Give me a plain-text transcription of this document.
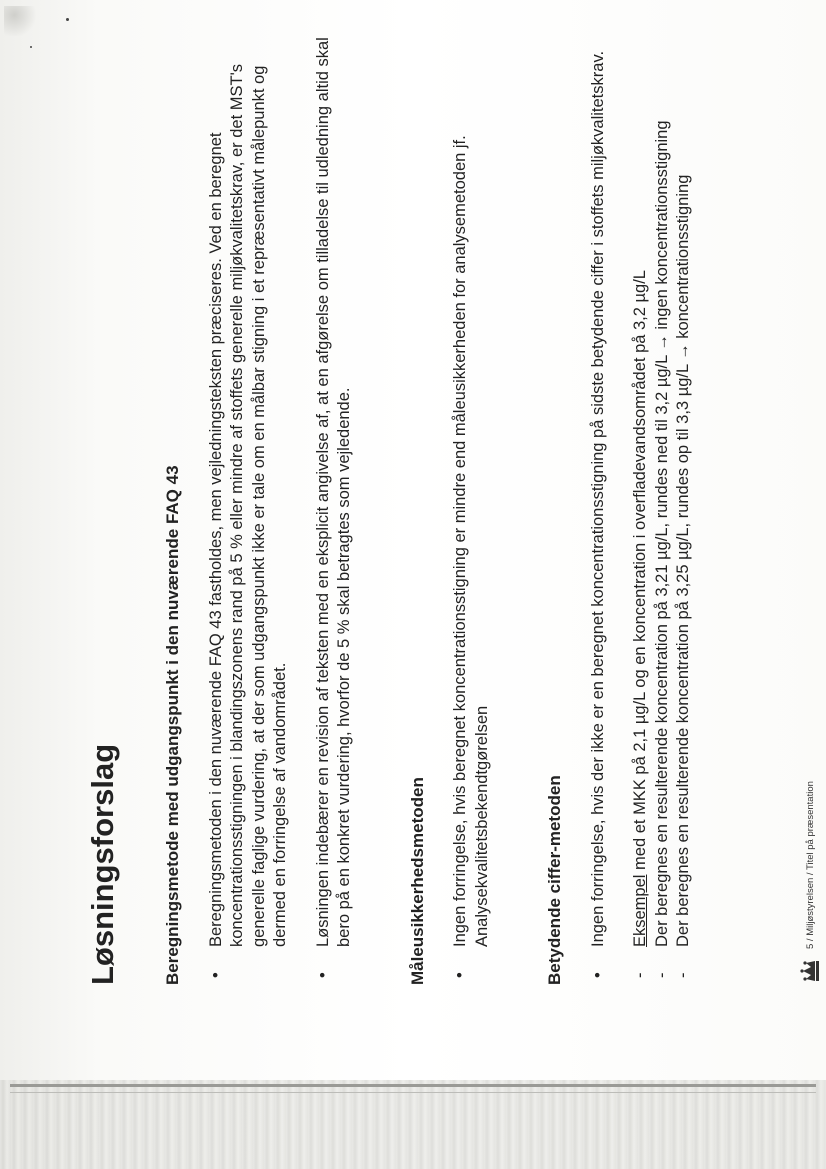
Løsningsforslag	Beregningsmetode med udgangspunkt i den nuværende FAQ 43 • Beregningsmetoden i den nuværende FAQ 43 fastholdes, men vejledningsteksten præciseres. Ved en beregnet koncentrationsstigningen i blandingszonens rand på 5 % eller mindre af stoffets generelle miljøkvalitetskrav, er det MST's generelle faglige vurdering, at der som udgangspunkt ikke er tale om en målbar stigning i et repræsentativt målepunkt og dermed en forringelse af vandområdet. • Løsningen indebærer en revision af teksten med en eksplicit angivelse af, at en afgørelse om tilladelse til udledning altid skal bero på en konkret vurdering, hvorfor de 5 % skal betragtes som vejledende.	Måleusikkerhedsmetoden • Ingen forringelse, hvis beregnet koncentrationsstigning er mindre end måleusikkerheden for analysemetoden jf. Analysekvalitetsbekendtgørelsen	Betydende ciffer-metoden • Ingen forringelse, hvis der ikke er en beregnet koncentrationsstigning på sidste betydende ciffer i stoffets miljøkvalitetskrav.
-
Eksempel med et MKK på 2,1 µg/L og en koncentration i overfladevandsområdet på 3,2 µg/L
-
Der beregnes en resulterende koncentration på 3,21 µg/L, rundes ned til 3,2 µg/L → ingen koncentrationsstigning
-
Der beregnes en resulterende koncentration på 3,25 µg/L, rundes op til 3,3 µg/L → koncentrationsstigning	5 / Miljøstyrelsen / Titel på præsentation
